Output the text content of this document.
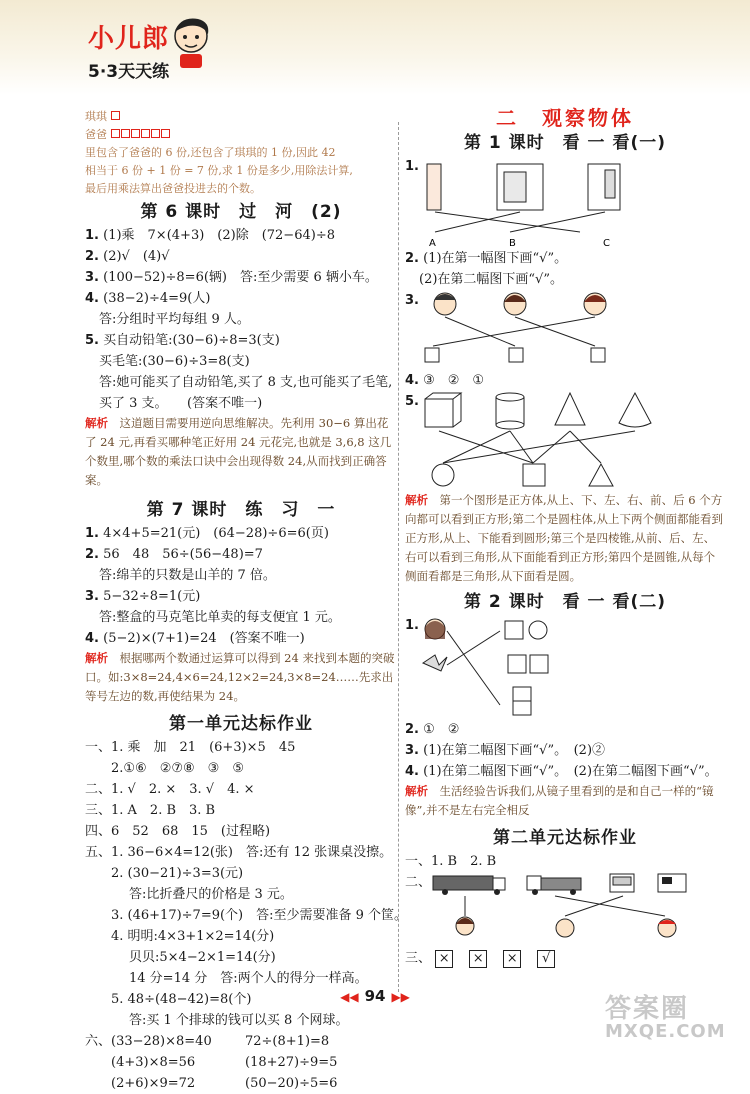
小儿郎
5·3天天练
琪琪
爸爸
里包含了爸爸的 6 份,还包含了琪琪的 1 份,因此 42
相当于 6 份 + 1 份 = 7 份,求 1 份是多少,用除法计算,
最后用乘法算出爸爸投进去的个数。
第 6 课时　过　河　(2)
1. (1)乘　7×(4+3)　(2)除　(72−64)÷8
2. (2)√　(4)√
3. (100−52)÷8=6(辆)　答:至少需要 6 辆小车。
4. (38−2)÷4=9(人)
答:分组时平均每组 9 人。
5. 买自动铅笔:(30−6)÷8=3(支)
买毛笔:(30−6)÷3=8(支)
答:她可能买了自动铅笔,买了 8 支,也可能买了毛笔,
买了 3 支。　　(答案不唯一)
解析　 这道题目需要用逆向思维解决。先利用 30−6 算出花了 24 元,再看买哪种笔正好用 24 元花完,也就是 3,6,8 这几个数里,哪个数的乘法口诀中会出现得数 24,从而找到正确答案。
第 7 课时　练　习　一
1. 4×4+5=21(元)　(64−28)÷6=6(页)
2. 56　48　56÷(56−48)=7
答:绵羊的只数是山羊的 7 倍。
3. 5−32÷8=1(元)
答:整盒的马克笔比单卖的每支便宜 1 元。
4. (5−2)×(7+1)=24　(答案不唯一)
解析　 根据哪两个数通过运算可以得到 24 来找到本题的突破口。如:3×8=24,4×6=24,12×2=24,3×8=24……先求出等号左边的数,再使结果为 24。
第一单元达标作业
一、1. 乘　加　21　(6+3)×5　45
2.①⑥　②⑦⑧　③　⑤
二、1. √　2. ×　3. √　4. ×
三、1. A　2. B　3. B
四、6　52　68　15　(过程略)
五、1. 36−6×4=12(张)　答:还有 12 张课桌没擦。
2. (30−21)÷3=3(元)
答:比折叠尺的价格是 3 元。
3. (46+17)÷7=9(个)　答:至少需要准备 9 个筐。
4. 明明:4×3+1×2=14(分)
贝贝:5×4−2×1=14(分)
14 分=14 分　答:两个人的得分一样高。
5. 48÷(48−42)=8(个)
答:买 1 个排球的钱可以买 8 个网球。
六、(33−28)×8=40	72÷(8+1)=8
(4+3)×8=56	(18+27)÷9=5
(2+6)×9=72	(50−20)÷5=6
二　观察物体
第 1 课时　看 一 看(一)
1.
A	B	C
2. (1)在第一幅图下画“√”。
(2)在第二幅图下画“√”。
3.
4. ③　②　①
5.
解析　 第一个图形是正方体,从上、下、左、右、前、后 6 个方向都可以看到正方形;第二个是圆柱体,从上下两个侧面都能看到正方形,从上、下能看到圆形;第三个是四棱锥,从前、后、左、右可以看到三角形,从下面能看到正方形;第四个是圆锥,从每个侧面看都是三角形,从下面看是圆。
第 2 课时　看 一 看(二)
1.
2. ①　②
3. (1)在第二幅图下画“√”。　(2)②
4. (1)在第二幅图下画“√”。　(2)在第二幅图下画“√”。
解析　 生活经验告诉我们,从镜子里看到的是和自己一样的“镜像”,并不是左右完全相反
第二单元达标作业
一、1. B　2. B
二、
三、 × × × √
◀◀ 94 ▶▶	答案圈
MXQE.COM
